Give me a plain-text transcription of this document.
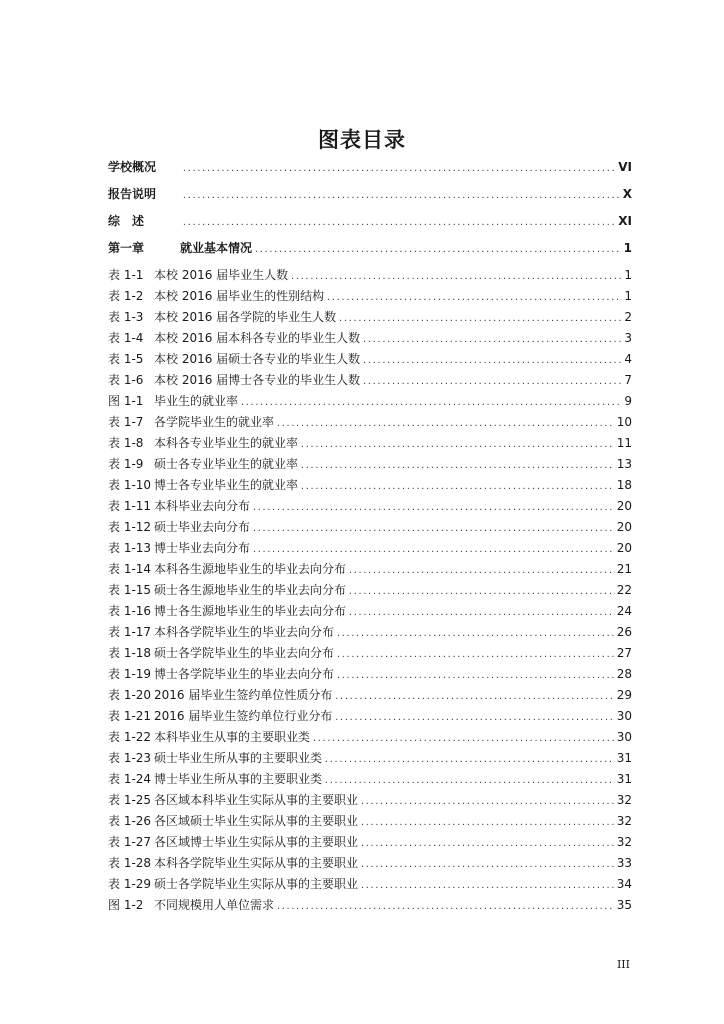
图表目录
学校概况 .....	VI
报告说明 .....	X
综　述 .....	XI
第一章	就业基本情况 .....	1
表 1-1 本校 2016 届毕业生人数 .....	1
表 1-2 本校 2016 届毕业生的性别结构 .....	1
表 1-3 本校 2016 届各学院的毕业生人数 .....	2
表 1-4 本校 2016 届本科各专业的毕业生人数 .....	3
表 1-5 本校 2016 届硕士各专业的毕业生人数 .....	4
表 1-6 本校 2016 届博士各专业的毕业生人数 .....	7
图 1-1 毕业生的就业率 .....	9
表 1-7 各学院毕业生的就业率 .....	10
表 1-8 本科各专业毕业生的就业率 .....	11
表 1-9 硕士各专业毕业生的就业率 .....	13
表 1-10 博士各专业毕业生的就业率 .....	18
表 1-11 本科毕业去向分布 .....	20
表 1-12 硕士毕业去向分布 .....	20
表 1-13 博士毕业去向分布 .....	20
表 1-14 本科各生源地毕业生的毕业去向分布 .....	21
表 1-15 硕士各生源地毕业生的毕业去向分布 .....	22
表 1-16 博士各生源地毕业生的毕业去向分布 .....	24
表 1-17 本科各学院毕业生的毕业去向分布 .....	26
表 1-18 硕士各学院毕业生的毕业去向分布 .....	27
表 1-19 博士各学院毕业生的毕业去向分布 .....	28
表 1-20 2016 届毕业生签约单位性质分布 .....	29
表 1-21 2016 届毕业生签约单位行业分布 .....	30
表 1-22 本科毕业生从事的主要职业类 .....	30
表 1-23 硕士毕业生所从事的主要职业类 .....	31
表 1-24 博士毕业生所从事的主要职业类 .....	31
表 1-25 各区域本科毕业生实际从事的主要职业 .....	32
表 1-26 各区域硕士毕业生实际从事的主要职业 .....	32
表 1-27 各区域博士毕业生实际从事的主要职业 .....	32
表 1-28 本科各学院毕业生实际从事的主要职业 .....	33
表 1-29 硕士各学院毕业生实际从事的主要职业 .....	34
图 1-2 不同规模用人单位需求 .....	35
III
